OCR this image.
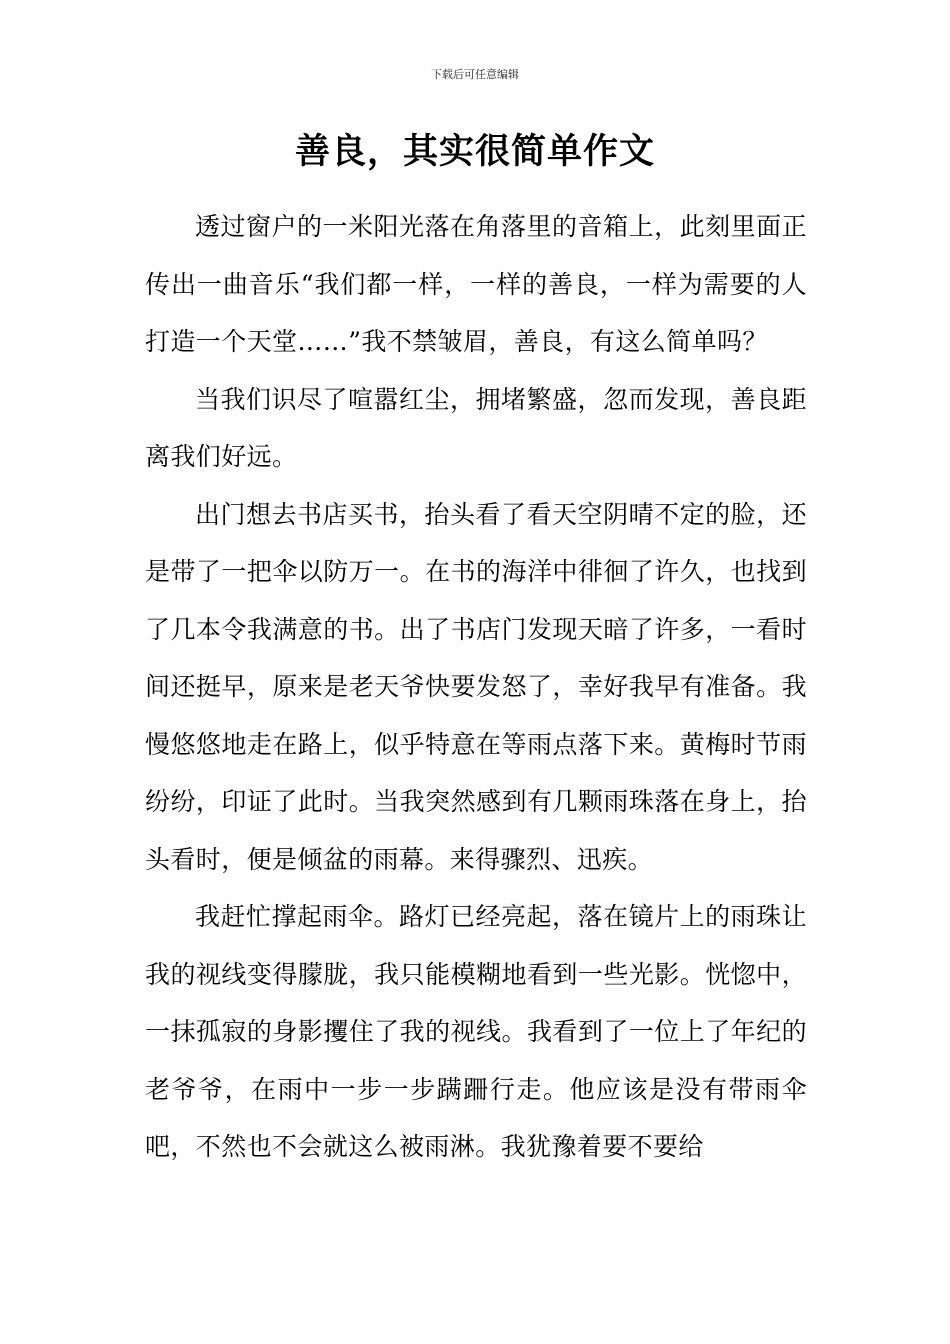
下载后可任意编辑
善良，其实很简单作文

透过窗户的一米阳光落在角落里的音箱上，此刻里面正传出一曲音乐“我们都一样，一样的善良，一样为需要的人打造一个天堂……”我不禁皱眉，善良，有这么简单吗？

当我们识尽了喧嚣红尘，拥堵繁盛，忽而发现，善良距离我们好远。

出门想去书店买书，抬头看了看天空阴晴不定的脸，还是带了一把伞以防万一。在书的海洋中徘徊了许久，也找到了几本令我满意的书。出了书店门发现天暗了许多，一看时间还挺早，原来是老天爷快要发怒了，幸好我早有准备。我慢悠悠地走在路上，似乎特意在等雨点落下来。黄梅时节雨纷纷，印证了此时。当我突然感到有几颗雨珠落在身上，抬头看时，便是倾盆的雨幕。来得骤烈、迅疾。

我赶忙撑起雨伞。路灯已经亮起，落在镜片上的雨珠让我的视线变得朦胧，我只能模糊地看到一些光影。恍惚中，一抹孤寂的身影攫住了我的视线。我看到了一位上了年纪的老爷爷，在雨中一步一步蹒跚行走。他应该是没有带雨伞吧，不然也不会就这么被雨淋。我犹豫着要不要给
